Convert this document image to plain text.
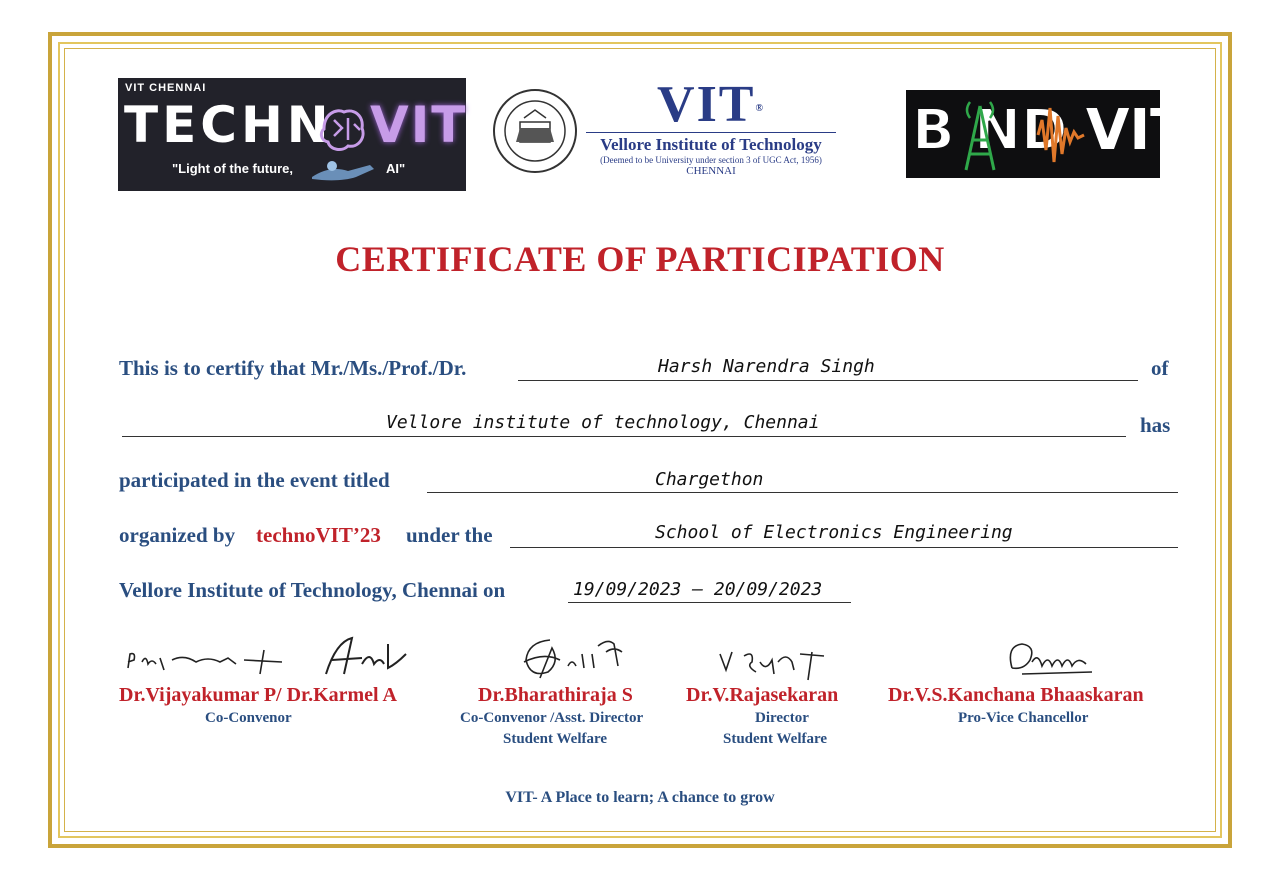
VIT CHENNAI
TECHN VIT
"Light of the future,	AI"
VIT®
Vellore Institute of Technology
(Deemed to be University under section 3 of UGC Act, 1956)
CHENNAI
B ND VIT
CERTIFICATE OF PARTICIPATION
This is to certify that Mr./Ms./Prof./Dr.	Harsh Narendra Singh	of
Vellore institute of technology, Chennai	has
participated in the event titled	Chargethon
organized by technoVIT’23 under the	School of Electronics Engineering
Vellore Institute of Technology, Chennai on	19/09/2023 – 20/09/2023
Dr.Vijayakumar P/ Dr.Karmel A
Co-Convenor
Dr.Bharathiraja S
Co-Convenor /Asst. Director
Student Welfare
Dr.V.Rajasekaran
Director
Student Welfare
Dr.V.S.Kanchana Bhaaskaran
Pro-Vice Chancellor
VIT- A Place to learn; A chance to grow
